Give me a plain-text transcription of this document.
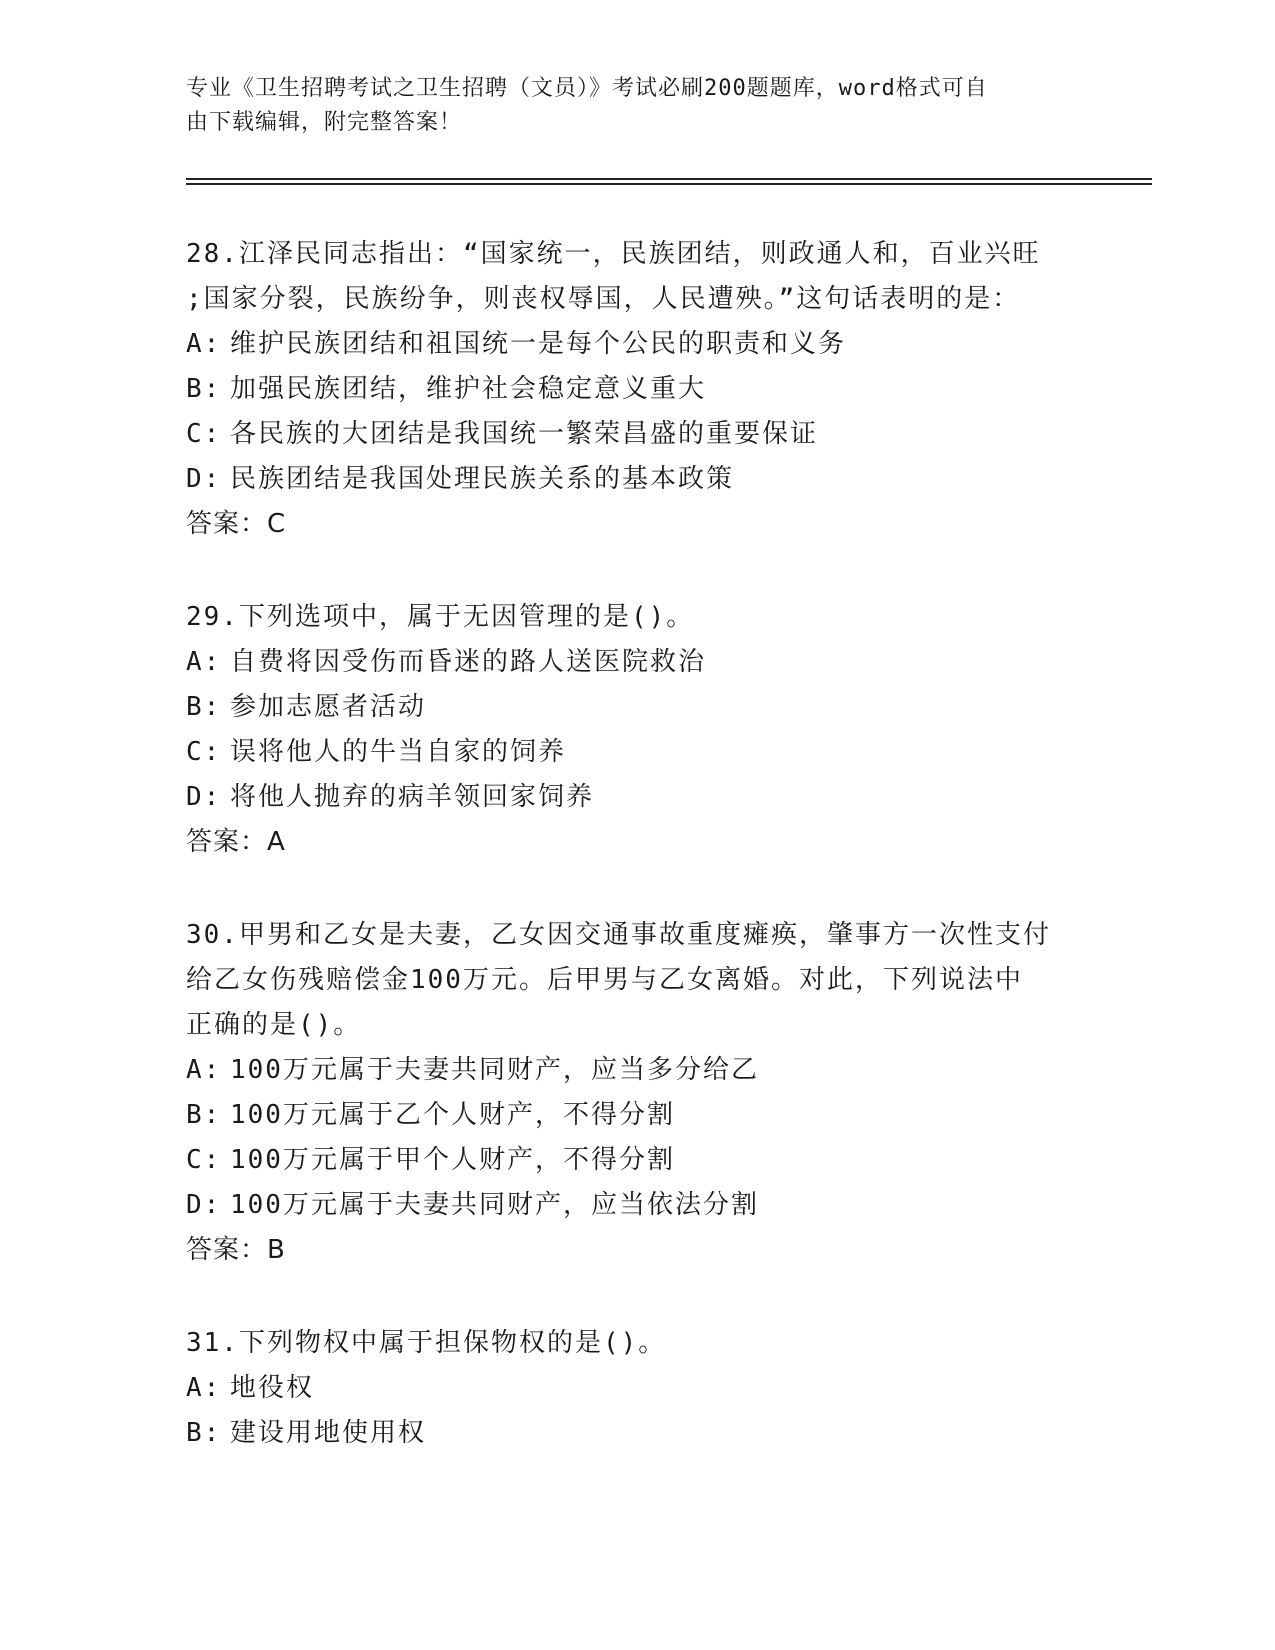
专业《卫生招聘考试之卫生招聘（文员）》考试必刷200题题库，word格式可自
由下载编辑，附完整答案！
28.江泽民同志指出：“国家统一，民族团结，则政通人和，百业兴旺
;国家分裂，民族纷争，则丧权辱国，人民遭殃。”这句话表明的是：
A: 维护民族团结和祖国统一是每个公民的职责和义务
B: 加强民族团结，维护社会稳定意义重大
C: 各民族的大团结是我国统一繁荣昌盛的重要保证
D: 民族团结是我国处理民族关系的基本政策
答案：C
29.下列选项中，属于无因管理的是()。
A: 自费将因受伤而昏迷的路人送医院救治
B: 参加志愿者活动
C: 误将他人的牛当自家的饲养
D: 将他人抛弃的病羊领回家饲养
答案：A
30.甲男和乙女是夫妻，乙女因交通事故重度瘫痪，肇事方一次性支付
给乙女伤残赔偿金100万元。后甲男与乙女离婚。对此，下列说法中
正确的是()。
A: 100万元属于夫妻共同财产，应当多分给乙
B: 100万元属于乙个人财产，不得分割
C: 100万元属于甲个人财产，不得分割
D: 100万元属于夫妻共同财产，应当依法分割
答案：B
31.下列物权中属于担保物权的是()。
A: 地役权
B: 建设用地使用权
